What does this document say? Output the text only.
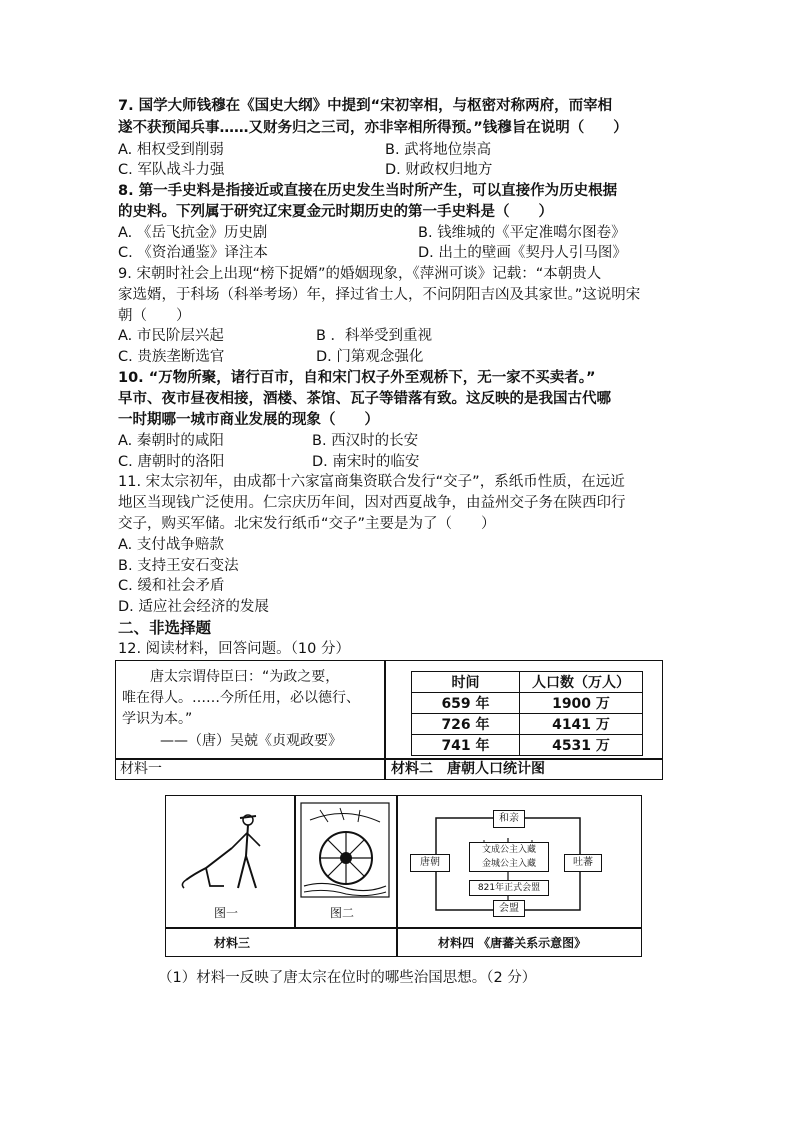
7. 国学大师钱穆在《国史大纲》中提到“宋初宰相，与枢密对称两府，而宰相
遂不获预闻兵事……又财务归之三司，亦非宰相所得预。”钱穆旨在说明（　　）
A. 相权受到削弱	B. 武将地位崇高
C. 军队战斗力强	D. 财政权归地方
8. 第一手史料是指接近或直接在历史发生当时所产生，可以直接作为历史根据
的史料。下列属于研究辽宋夏金元时期历史的第一手史料是（　　）
A. 《岳飞抗金》历史剧	B. 钱维城的《平定准噶尔图卷》
C. 《资治通鉴》译注本	D. 出土的壁画《契丹人引马图》
9. 宋朝时社会上出现“榜下捉婿”的婚姻现象，《萍洲可谈》记载：“本朝贵人
家选婿，于科场（科举考场）年，择过省士人，不问阴阳吉凶及其家世。”这说明宋
朝（　　）
A. 市民阶层兴起	B ．科举受到重视
C. 贵族垄断选官	D. 门第观念强化
10. “万物所聚，诸行百市，自和宋门权子外至观桥下，无一家不买卖者。”
早市、夜市昼夜相接，酒楼、茶馆、瓦子等错落有致。这反映的是我国古代哪
一时期哪一城市商业发展的现象（　　）
A. 秦朝时的咸阳	B. 西汉时的长安
C. 唐朝时的洛阳	D. 南宋时的临安
11. 宋太宗初年，由成都十六家富商集资联合发行“交子”，系纸币性质，在远近
地区当现钱广泛使用。仁宗庆历年间，因对西夏战争，由益州交子务在陕西印行
交子，购买军储。北宋发行纸币“交子”主要是为了（　　）
A. 支付战争赔款
B. 支持王安石变法
C. 缓和社会矛盾
D. 适应社会经济的发展
二、非选择题
12. 阅读材料，回答问题。（10 分）
　　唐太宗谓侍臣曰：“为政之要，
唯在得人。……今所任用，必以德行、
学识为本。”
——（唐）吴兢《贞观政要》
材料一	材料二　唐朝人口统计图
时间	人口数（万人）
659 年	1900 万
726 年	4141 万
741 年	4531 万
图一	图二
材料三
和亲
唐朝	吐蕃
文成公主入藏
金城公主入藏
821年正式会盟
会盟
材料四 《唐蕃关系示意图》
（1）材料一反映了唐太宗在位时的哪些治国思想。（2 分）
